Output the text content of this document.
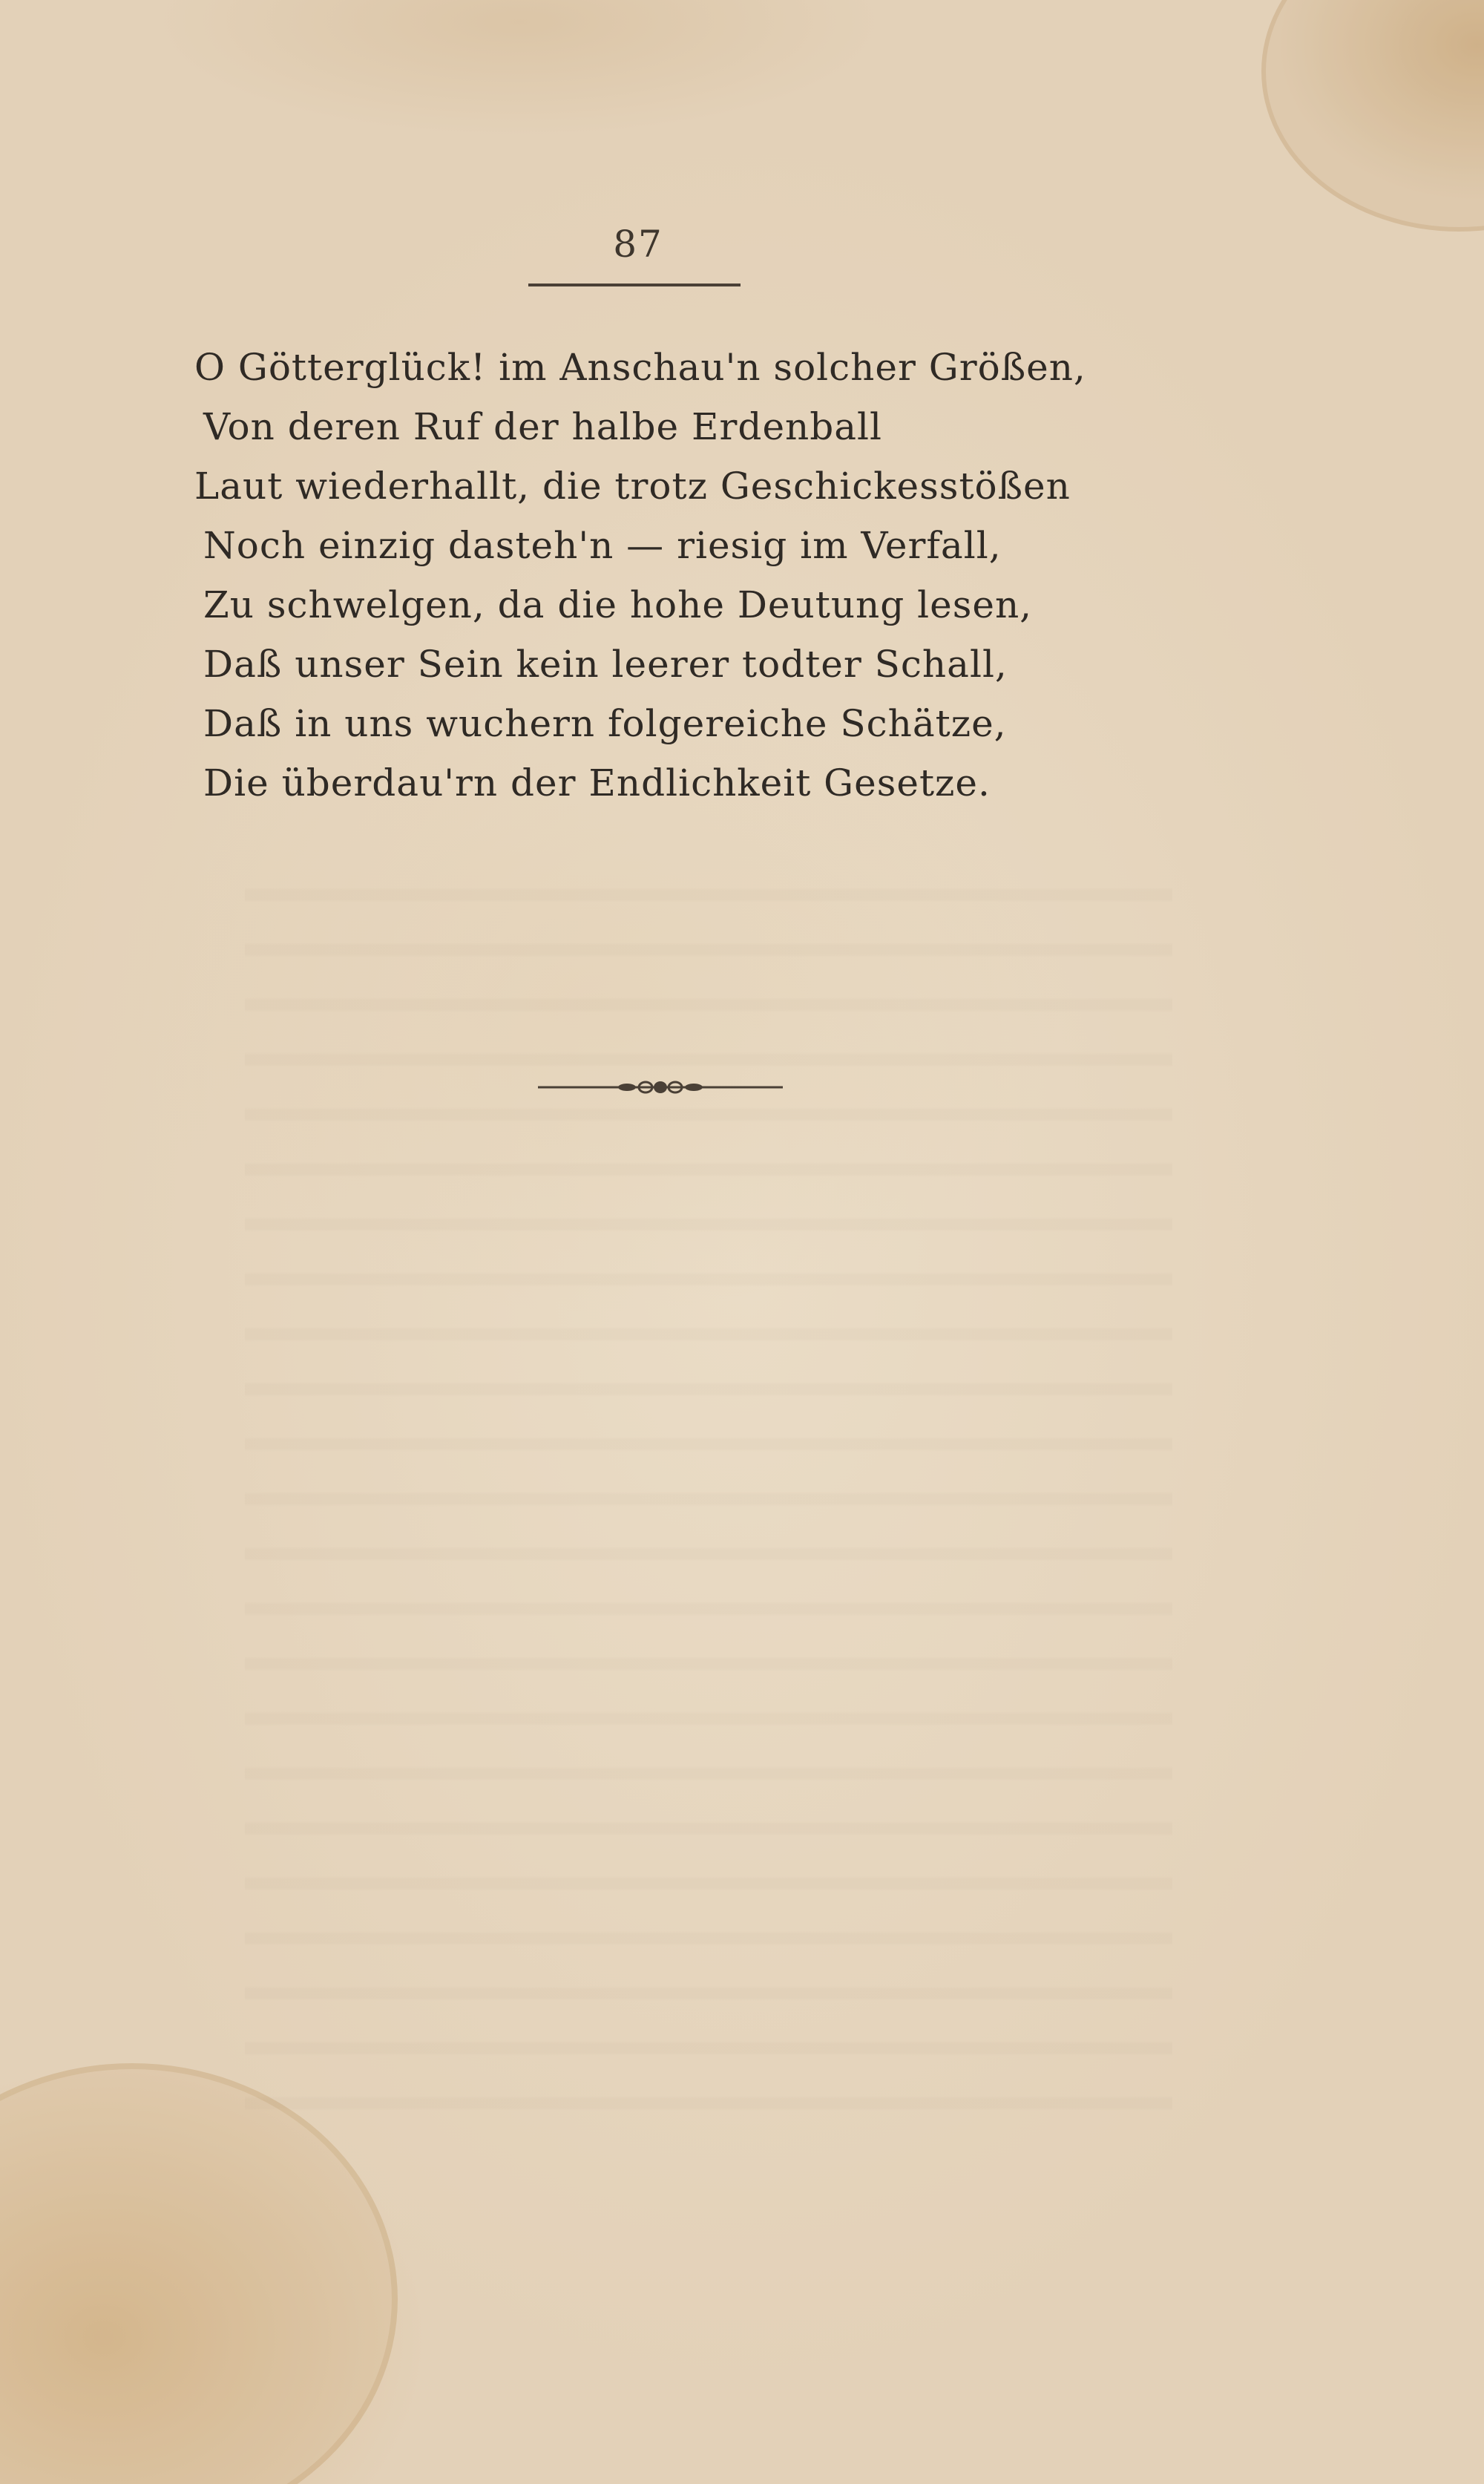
87
O Götterglück! im Anschau'n solcher Größen,
Von deren Ruf der halbe Erdenball
Laut wiederhallt, die trotz Geschickesstößen
Noch einzig dasteh'n — riesig im Verfall,
Zu schwelgen, da die hohe Deutung lesen,
Daß unser Sein kein leerer todter Schall,
Daß in uns wuchern folgereiche Schätze,
Die überdau'rn der Endlichkeit Gesetze.
